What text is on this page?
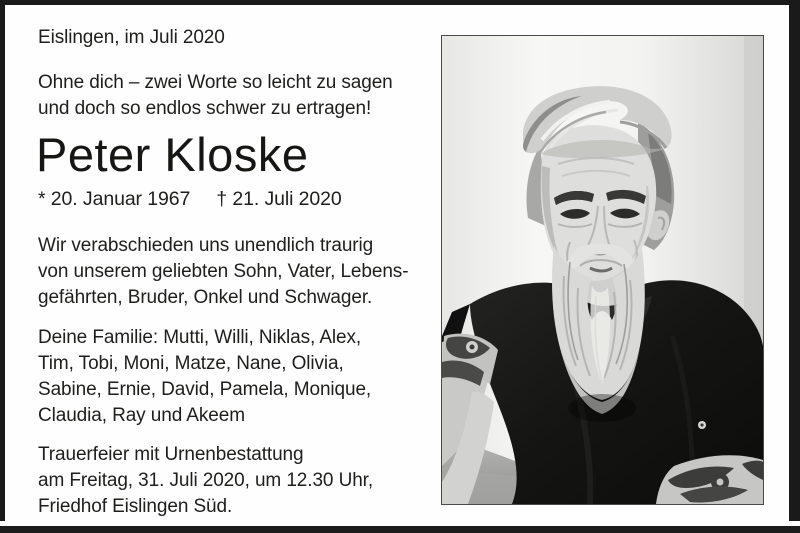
Eislingen, im Juli 2020
Ohne dich – zwei Worte so leicht zu sagen
und doch so endlos schwer zu ertragen!
Peter Kloske
* 20. Januar 1967 † 21. Juli 2020
Wir verabschieden uns unendlich traurig
von unserem geliebten Sohn, Vater, Lebens-
gefährten, Bruder, Onkel und Schwager.
Deine Familie: Mutti, Willi, Niklas, Alex,
Tim, Tobi, Moni, Matze, Nane, Olivia,
Sabine, Ernie, David, Pamela, Monique,
Claudia, Ray und Akeem
Trauerfeier mit Urnenbestattung
am Freitag, 31. Juli 2020, um 12.30 Uhr,
Friedhof Eislingen Süd.
